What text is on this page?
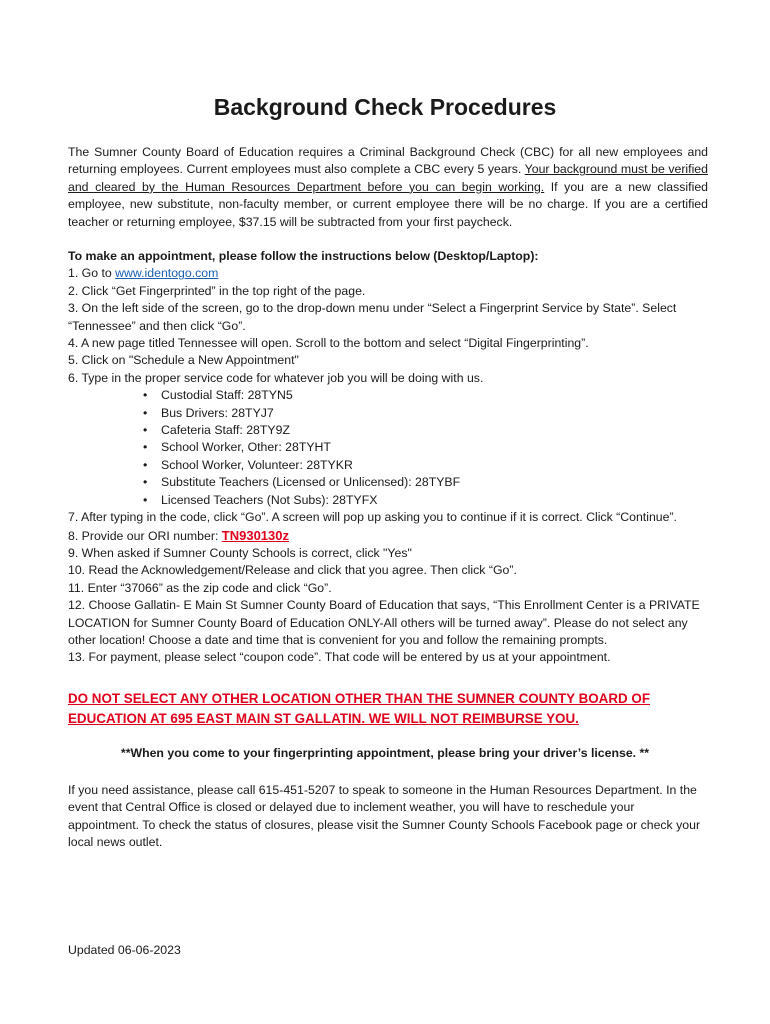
Background Check Procedures
The Sumner County Board of Education requires a Criminal Background Check (CBC) for all new employees and returning employees. Current employees must also complete a CBC every 5 years. Your background must be verified and cleared by the Human Resources Department before you can begin working. If you are a new classified employee, new substitute, non-faculty member, or current employee there will be no charge. If you are a certified teacher or returning employee, $37.15 will be subtracted from your first paycheck.
To make an appointment, please follow the instructions below (Desktop/Laptop):
1. Go to www.identogo.com
2. Click “Get Fingerprinted” in the top right of the page.
3. On the left side of the screen, go to the drop-down menu under “Select a Fingerprint Service by State”. Select “Tennessee” and then click “Go”.
4. A new page titled Tennessee will open. Scroll to the bottom and select “Digital Fingerprinting”.
5. Click on "Schedule a New Appointment"
6. Type in the proper service code for whatever job you will be doing with us.
• Custodial Staff: 28TYN5
• Bus Drivers: 28TYJ7
• Cafeteria Staff: 28TY9Z
• School Worker, Other: 28TYHT
• School Worker, Volunteer: 28TYKR
• Substitute Teachers (Licensed or Unlicensed): 28TYBF
• Licensed Teachers (Not Subs): 28TYFX
7. After typing in the code, click “Go”. A screen will pop up asking you to continue if it is correct. Click “Continue”.
8. Provide our ORI number: TN930130z
9. When asked if Sumner County Schools is correct, click "Yes"
10. Read the Acknowledgement/Release and click that you agree. Then click “Go”.
11. Enter “37066” as the zip code and click “Go”.
12. Choose Gallatin- E Main St Sumner County Board of Education that says, “This Enrollment Center is a PRIVATE LOCATION for Sumner County Board of Education ONLY-All others will be turned away”. Please do not select any other location! Choose a date and time that is convenient for you and follow the remaining prompts.
13. For payment, please select “coupon code”. That code will be entered by us at your appointment.
DO NOT SELECT ANY OTHER LOCATION OTHER THAN THE SUMNER COUNTY BOARD OF EDUCATION AT 695 EAST MAIN ST GALLATIN. WE WILL NOT REIMBURSE YOU.
**When you come to your fingerprinting appointment, please bring your driver’s license. **
If you need assistance, please call 615-451-5207 to speak to someone in the Human Resources Department. In the event that Central Office is closed or delayed due to inclement weather, you will have to reschedule your appointment. To check the status of closures, please visit the Sumner County Schools Facebook page or check your local news outlet.
Updated 06-06-2023
